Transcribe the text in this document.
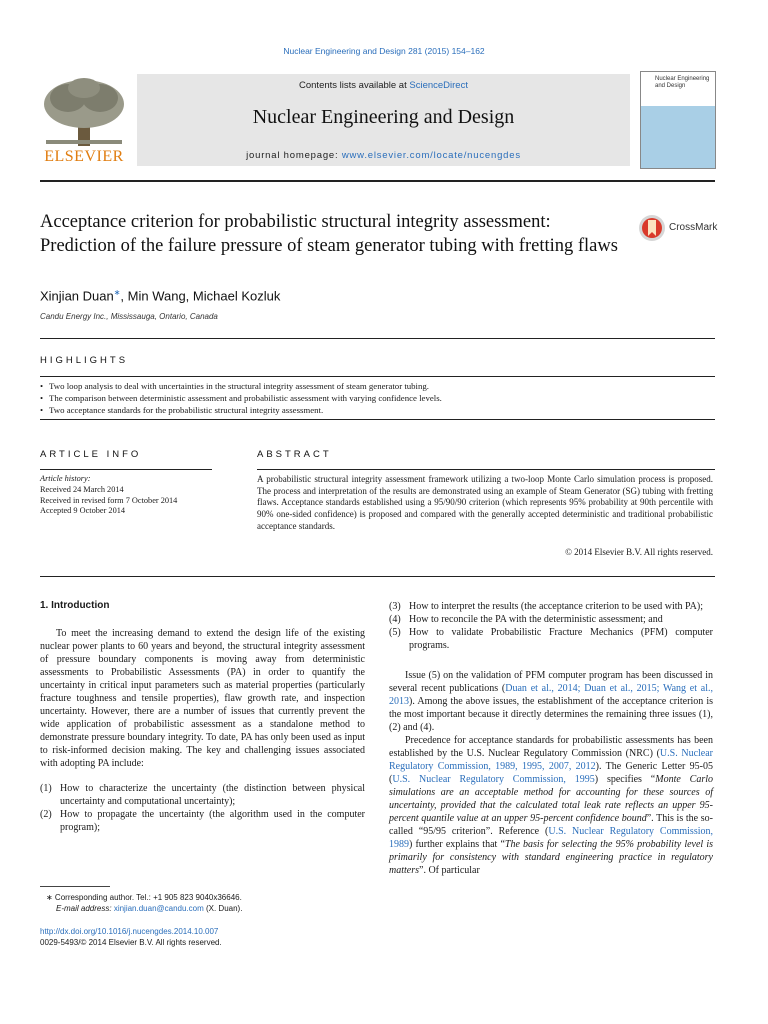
Nuclear Engineering and Design 281 (2015) 154–162
ELSEVIER
Contents lists available at ScienceDirect
Nuclear Engineering and Design
journal homepage: www.elsevier.com/locate/nucengdes
Nuclear Engineering and Design
Acceptance criterion for probabilistic structural integrity assessment: Prediction of the failure pressure of steam generator tubing with fretting flaws
CrossMark
Xinjian Duan∗, Min Wang, Michael Kozluk
Candu Energy Inc., Mississauga, Ontario, Canada
HIGHLIGHTS
• Two loop analysis to deal with uncertainties in the structural integrity assessment of steam generator tubing.
• The comparison between deterministic assessment and probabilistic assessment with varying confidence levels.
• Two acceptance standards for the probabilistic structural integrity assessment.
ARTICLE INFO
Article history:
Received 24 March 2014
Received in revised form 7 October 2014
Accepted 9 October 2014
ABSTRACT
A probabilistic structural integrity assessment framework utilizing a two-loop Monte Carlo simulation process is proposed. The process and interpretation of the results are demonstrated using an example of Steam Generator (SG) tubing with fretting flaws. Acceptance standards established using a 95/90/90 criterion (which represents 95% probability at 90th percentile with 90% one-sided confidence) is proposed and compared with the generally accepted deterministic and traditional probabilistic acceptance standards.
© 2014 Elsevier B.V. All rights reserved.
1. Introduction

To meet the increasing demand to extend the design life of the existing nuclear power plants to 60 years and beyond, the structural integrity assessment of pressure boundary components is moving away from deterministic assessments to Probabilistic Assessments (PA) in order to quantify the uncertainty in critical input parameters such as material properties (particularly fracture toughness and tensile properties), flaw growth rate, and inspection uncertainty. However, there are a number of issues that currently prevent the wide application of probabilistic assessment as a standalone method to demonstrate pressure boundary integrity. To date, PA has only been used as input to risk-informed decision making. The key and challenging issues associated with adopting PA include:

(1) How to characterize the uncertainty (the distinction between physical uncertainty and computational uncertainty);
(2) How to propagate the uncertainty (the algorithm used in the computer program);
∗ Corresponding author. Tel.: +1 905 823 9040x36646.
E-mail address: xinjian.duan@candu.com (X. Duan).
http://dx.doi.org/10.1016/j.nucengdes.2014.10.007
0029-5493/© 2014 Elsevier B.V. All rights reserved.
(3) How to interpret the results (the acceptance criterion to be used with PA);
(4) How to reconcile the PA with the deterministic assessment; and
(5) How to validate Probabilistic Fracture Mechanics (PFM) computer programs.

Issue (5) on the validation of PFM computer program has been discussed in several recent publications (Duan et al., 2014; Duan et al., 2015; Wang et al., 2013). Among the above issues, the establishment of the acceptance criterion is the most important because it directly determines the remaining three issues (1), (2) and (4).

Precedence for acceptance standards for probabilistic assessments has been established by the U.S. Nuclear Regulatory Commission (NRC) (U.S. Nuclear Regulatory Commission, 1989, 1995, 2007, 2012). The Generic Letter 95-05 (U.S. Nuclear Regulatory Commission, 1995) specifies “Monte Carlo simulations are an acceptable method for accounting for these sources of uncertainty, provided that the calculated total leak rate reflects an upper 95-percent quantile value at an upper 95-percent confidence bound”. This is the so-called “95/95 criterion”. Reference (U.S. Nuclear Regulatory Commission, 1989) further explains that “The basis for selecting the 95% probability level is primarily for consistency with standard engineering practice in regulatory matters”. Of particular
